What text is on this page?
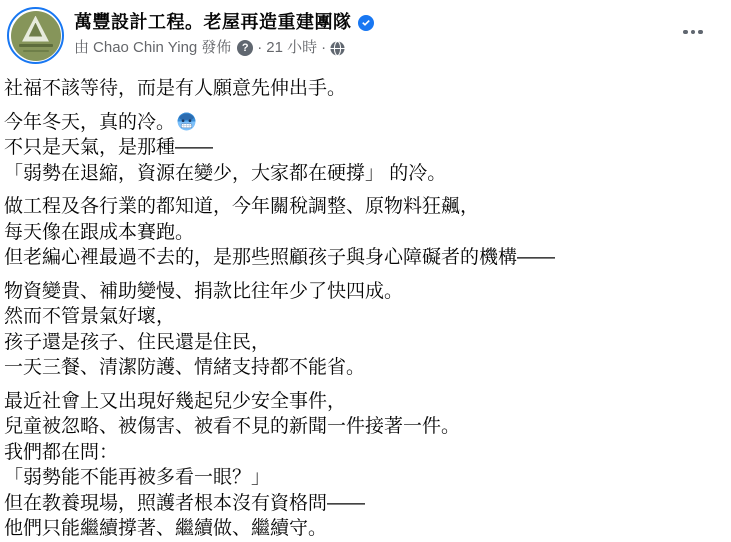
萬豐設計工程。老屋再造重建團隊
由 Chao Chin Ying 發佈 ? · 21 小時 ·

社福不該等待，而是有人願意先伸出手。

今年冬天，真的冷。
不只是天氣，是那種——
「弱勢在退縮，資源在變少，大家都在硬撐」 的冷。

做工程及各行業的都知道，今年關稅調整、原物料狂飆，
每天像在跟成本賽跑。
但老編心裡最過不去的，是那些照顧孩子與身心障礙者的機構——

物資變貴、補助變慢、捐款比往年少了快四成。
然而不管景氣好壞，
孩子還是孩子、住民還是住民，
一天三餐、清潔防護、情緒支持都不能省。

最近社會上又出現好幾起兒少安全事件，
兒童被忽略、被傷害、被看不見的新聞一件接著一件。
我們都在問：
「弱勢能不能再被多看一眼？」
但在教養現場，照護者根本沒有資格問——
他們只能繼續撐著、繼續做、繼續守。
